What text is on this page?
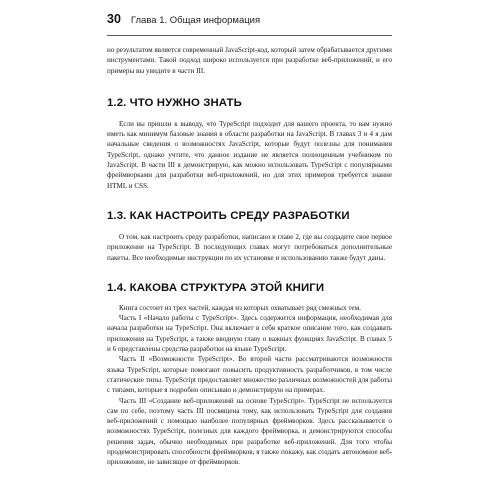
30 Глава 1. Общая информация

но результатом является современный JavaScript-код, который затем обрабатывается другими инструментами. Такой подход широко используется при разработке веб-приложений, и его примеры вы увидите в части III.

1.2. ЧТО НУЖНО ЗНАТЬ

Если вы пришли к выводу, что TypeScript подходит для вашего проекта, то вам нужно иметь как минимум базовые знания в области разработки на JavaScript. В главах 3 и 4 я дам начальные сведения о возможностях JavaScript, которые будут полезны для понимания TypeScript, однако учтите, что данное издание не является полноценным учебником по JavaScript. В части III я демонстрирую, как можно использовать TypeScript с популярными фреймворками для разработки веб-приложений, но для этих примеров требуется знание HTML и CSS.

1.3. КАК НАСТРОИТЬ СРЕДУ РАЗРАБОТКИ

О том, как настроить среду разработки, написано в главе 2, где вы создадите свое первое приложение на TypeScript. В последующих главах могут потребоваться дополнительные пакеты. Все необходимые инструкции по их установке и использованию также будут даны.

1.4. КАКОВА СТРУКТУРА ЭТОЙ КНИГИ

Книга состоит из трех частей, каждая из которых охватывает ряд смежных тем.

Часть I «Начало работы с TypeScript». Здесь содержится информация, необходимая для начала разработки на TypeScript. Она включает в себя краткое описание того, как создавать приложения на TypeScript, а также вводную главу о важных функциях JavaScript. В главах 5 и 6 представлены средства разработки на языке TypeScript.

Часть II «Возможности TypeScript». Во второй части рассматриваются возможности языка TypeScript, которые помогают повысить продуктивность разработчиков, в том числе статические типы. TypeScript предоставляет множество различных возможностей для работы с типами, которые я подробно описываю и демонстрирую на примерах.

Часть III «Создание веб-приложений на основе TypeScript». TypeScript не используется сам по себе, поэтому часть III посвящена тому, как использовать TypeScript для создания веб-приложений с помощью наиболее популярных фреймворков. Здесь рассказывается о возможностях TypeScript, полезных для каждого фреймворка, и демонстрируются способы решения задач, обычно необходимых при разработке веб-приложений. Для того чтобы продемонстрировать способности фреймворков, я также покажу, как создать автономное веб-приложение, не зависящее от фреймворков.
